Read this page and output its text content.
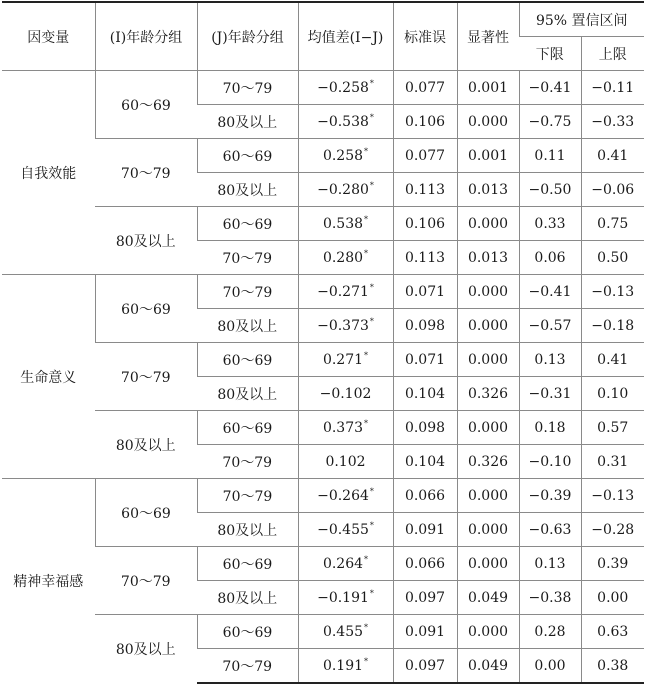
因变量	(I)年龄分组	(J)年龄分组	均值差(I−J)	标准误	显著性	95% 置信区间	
						下限	上限
自我效能	60～69	70～79	−0.258*	0.077	0.001	−0.41	−0.11
		80及以上	−0.538*	0.106	0.000	−0.75	−0.33
	70～79	60～69	0.258*	0.077	0.001	0.11	0.41
		80及以上	−0.280*	0.113	0.013	−0.50	−0.06
	80及以上	60～69	0.538*	0.106	0.000	0.33	0.75
		70～79	0.280*	0.113	0.013	0.06	0.50
生命意义	60～69	70～79	−0.271*	0.071	0.000	−0.41	−0.13
		80及以上	−0.373*	0.098	0.000	−0.57	−0.18
	70～79	60～69	0.271*	0.071	0.000	0.13	0.41
		80及以上	−0.102	0.104	0.326	−0.31	0.10
	80及以上	60～69	0.373*	0.098	0.000	0.18	0.57
		70～79	0.102	0.104	0.326	−0.10	0.31
精神幸福感	60～69	70～79	−0.264*	0.066	0.000	−0.39	−0.13
		80及以上	−0.455*	0.091	0.000	−0.63	−0.28
	70～79	60～69	0.264*	0.066	0.000	0.13	0.39
		80及以上	−0.191*	0.097	0.049	−0.38	0.00
	80及以上	60～69	0.455*	0.091	0.000	0.28	0.63
		70～79	0.191*	0.097	0.049	0.00	0.38
